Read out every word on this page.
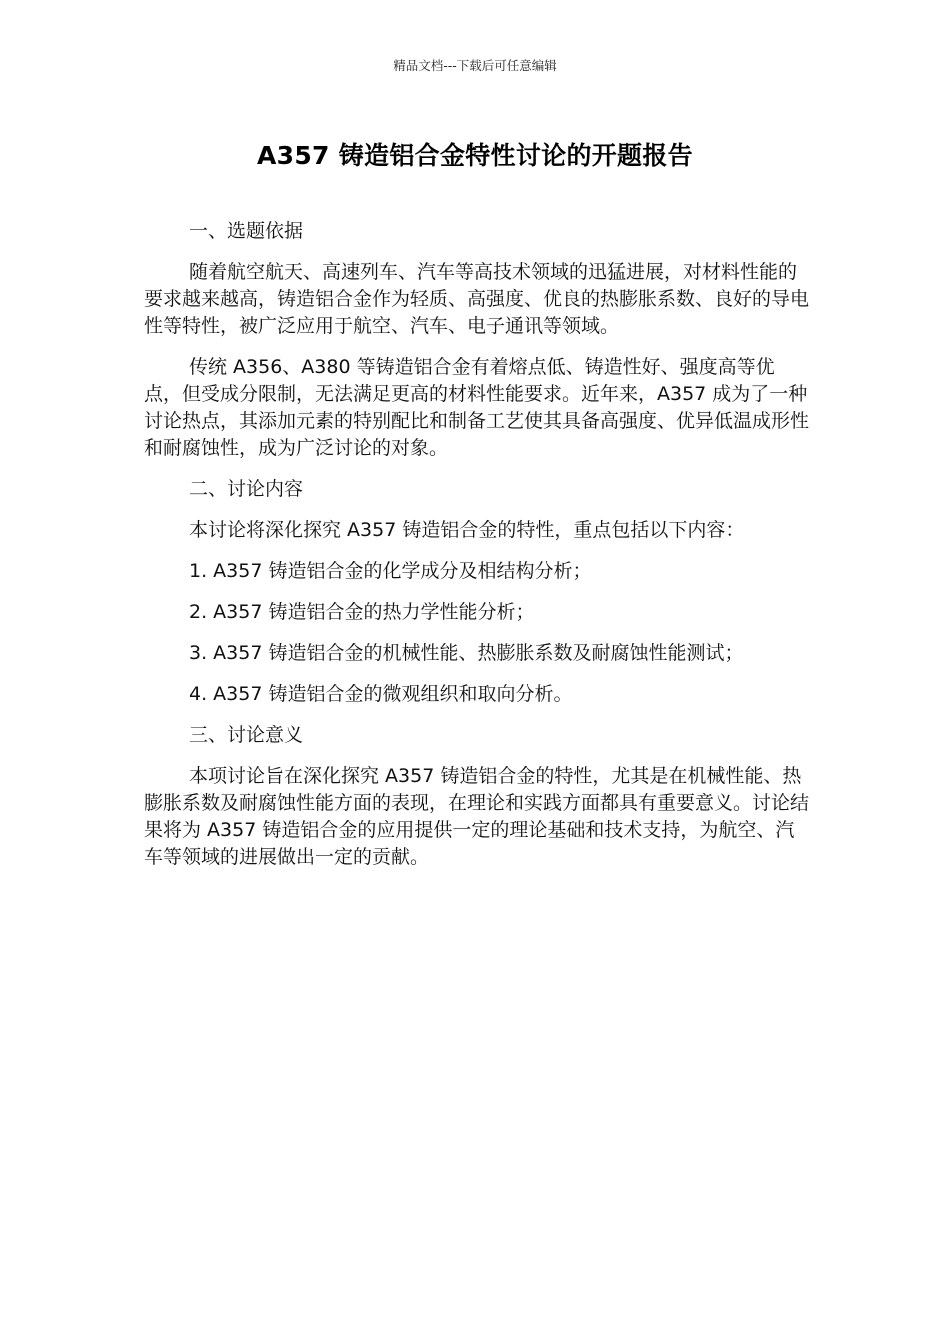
精品文档---下载后可任意编辑
A357 铸造铝合金特性讨论的开题报告

一、选题依据

随着航空航天、高速列车、汽车等高技术领域的迅猛进展，对材料性能的要求越来越高，铸造铝合金作为轻质、高强度、优良的热膨胀系数、良好的导电性等特性，被广泛应用于航空、汽车、电子通讯等领域。

传统 A356、A380 等铸造铝合金有着熔点低、铸造性好、强度高等优点，但受成分限制，无法满足更高的材料性能要求。近年来，A357 成为了一种讨论热点，其添加元素的特别配比和制备工艺使其具备高强度、优异低温成形性和耐腐蚀性，成为广泛讨论的对象。

二、讨论内容

本讨论将深化探究 A357 铸造铝合金的特性，重点包括以下内容：

1. A357 铸造铝合金的化学成分及相结构分析；

2. A357 铸造铝合金的热力学性能分析；

3. A357 铸造铝合金的机械性能、热膨胀系数及耐腐蚀性能测试；

4. A357 铸造铝合金的微观组织和取向分析。

三、讨论意义

本项讨论旨在深化探究 A357 铸造铝合金的特性，尤其是在机械性能、热膨胀系数及耐腐蚀性能方面的表现，在理论和实践方面都具有重要意义。讨论结果将为 A357 铸造铝合金的应用提供一定的理论基础和技术支持，为航空、汽车等领域的进展做出一定的贡献。
